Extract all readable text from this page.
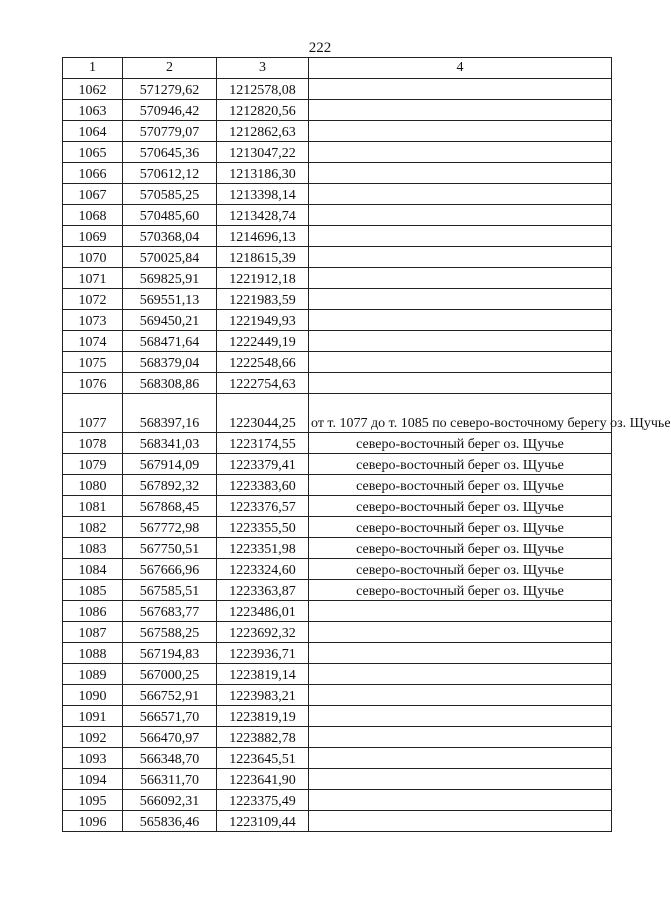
222
1	2	3	4
1062	571279,62	1212578,08	
1063	570946,42	1212820,56	
1064	570779,07	1212862,63	
1065	570645,36	1213047,22	
1066	570612,12	1213186,30	
1067	570585,25	1213398,14	
1068	570485,60	1213428,74	
1069	570368,04	1214696,13	
1070	570025,84	1218615,39	
1071	569825,91	1221912,18	
1072	569551,13	1221983,59	
1073	569450,21	1221949,93	
1074	568471,64	1222449,19	
1075	568379,04	1222548,66	
1076	568308,86	1222754,63	
1077	568397,16	1223044,25	от т. 1077 до т. 1085 по северо-восточному берегу оз. Щучье
1078	568341,03	1223174,55	северо-восточный берег оз. Щучье
1079	567914,09	1223379,41	северо-восточный берег оз. Щучье
1080	567892,32	1223383,60	северо-восточный берег оз. Щучье
1081	567868,45	1223376,57	северо-восточный берег оз. Щучье
1082	567772,98	1223355,50	северо-восточный берег оз. Щучье
1083	567750,51	1223351,98	северо-восточный берег оз. Щучье
1084	567666,96	1223324,60	северо-восточный берег оз. Щучье
1085	567585,51	1223363,87	северо-восточный берег оз. Щучье
1086	567683,77	1223486,01	
1087	567588,25	1223692,32	
1088	567194,83	1223936,71	
1089	567000,25	1223819,14	
1090	566752,91	1223983,21	
1091	566571,70	1223819,19	
1092	566470,97	1223882,78	
1093	566348,70	1223645,51	
1094	566311,70	1223641,90	
1095	566092,31	1223375,49	
1096	565836,46	1223109,44	
